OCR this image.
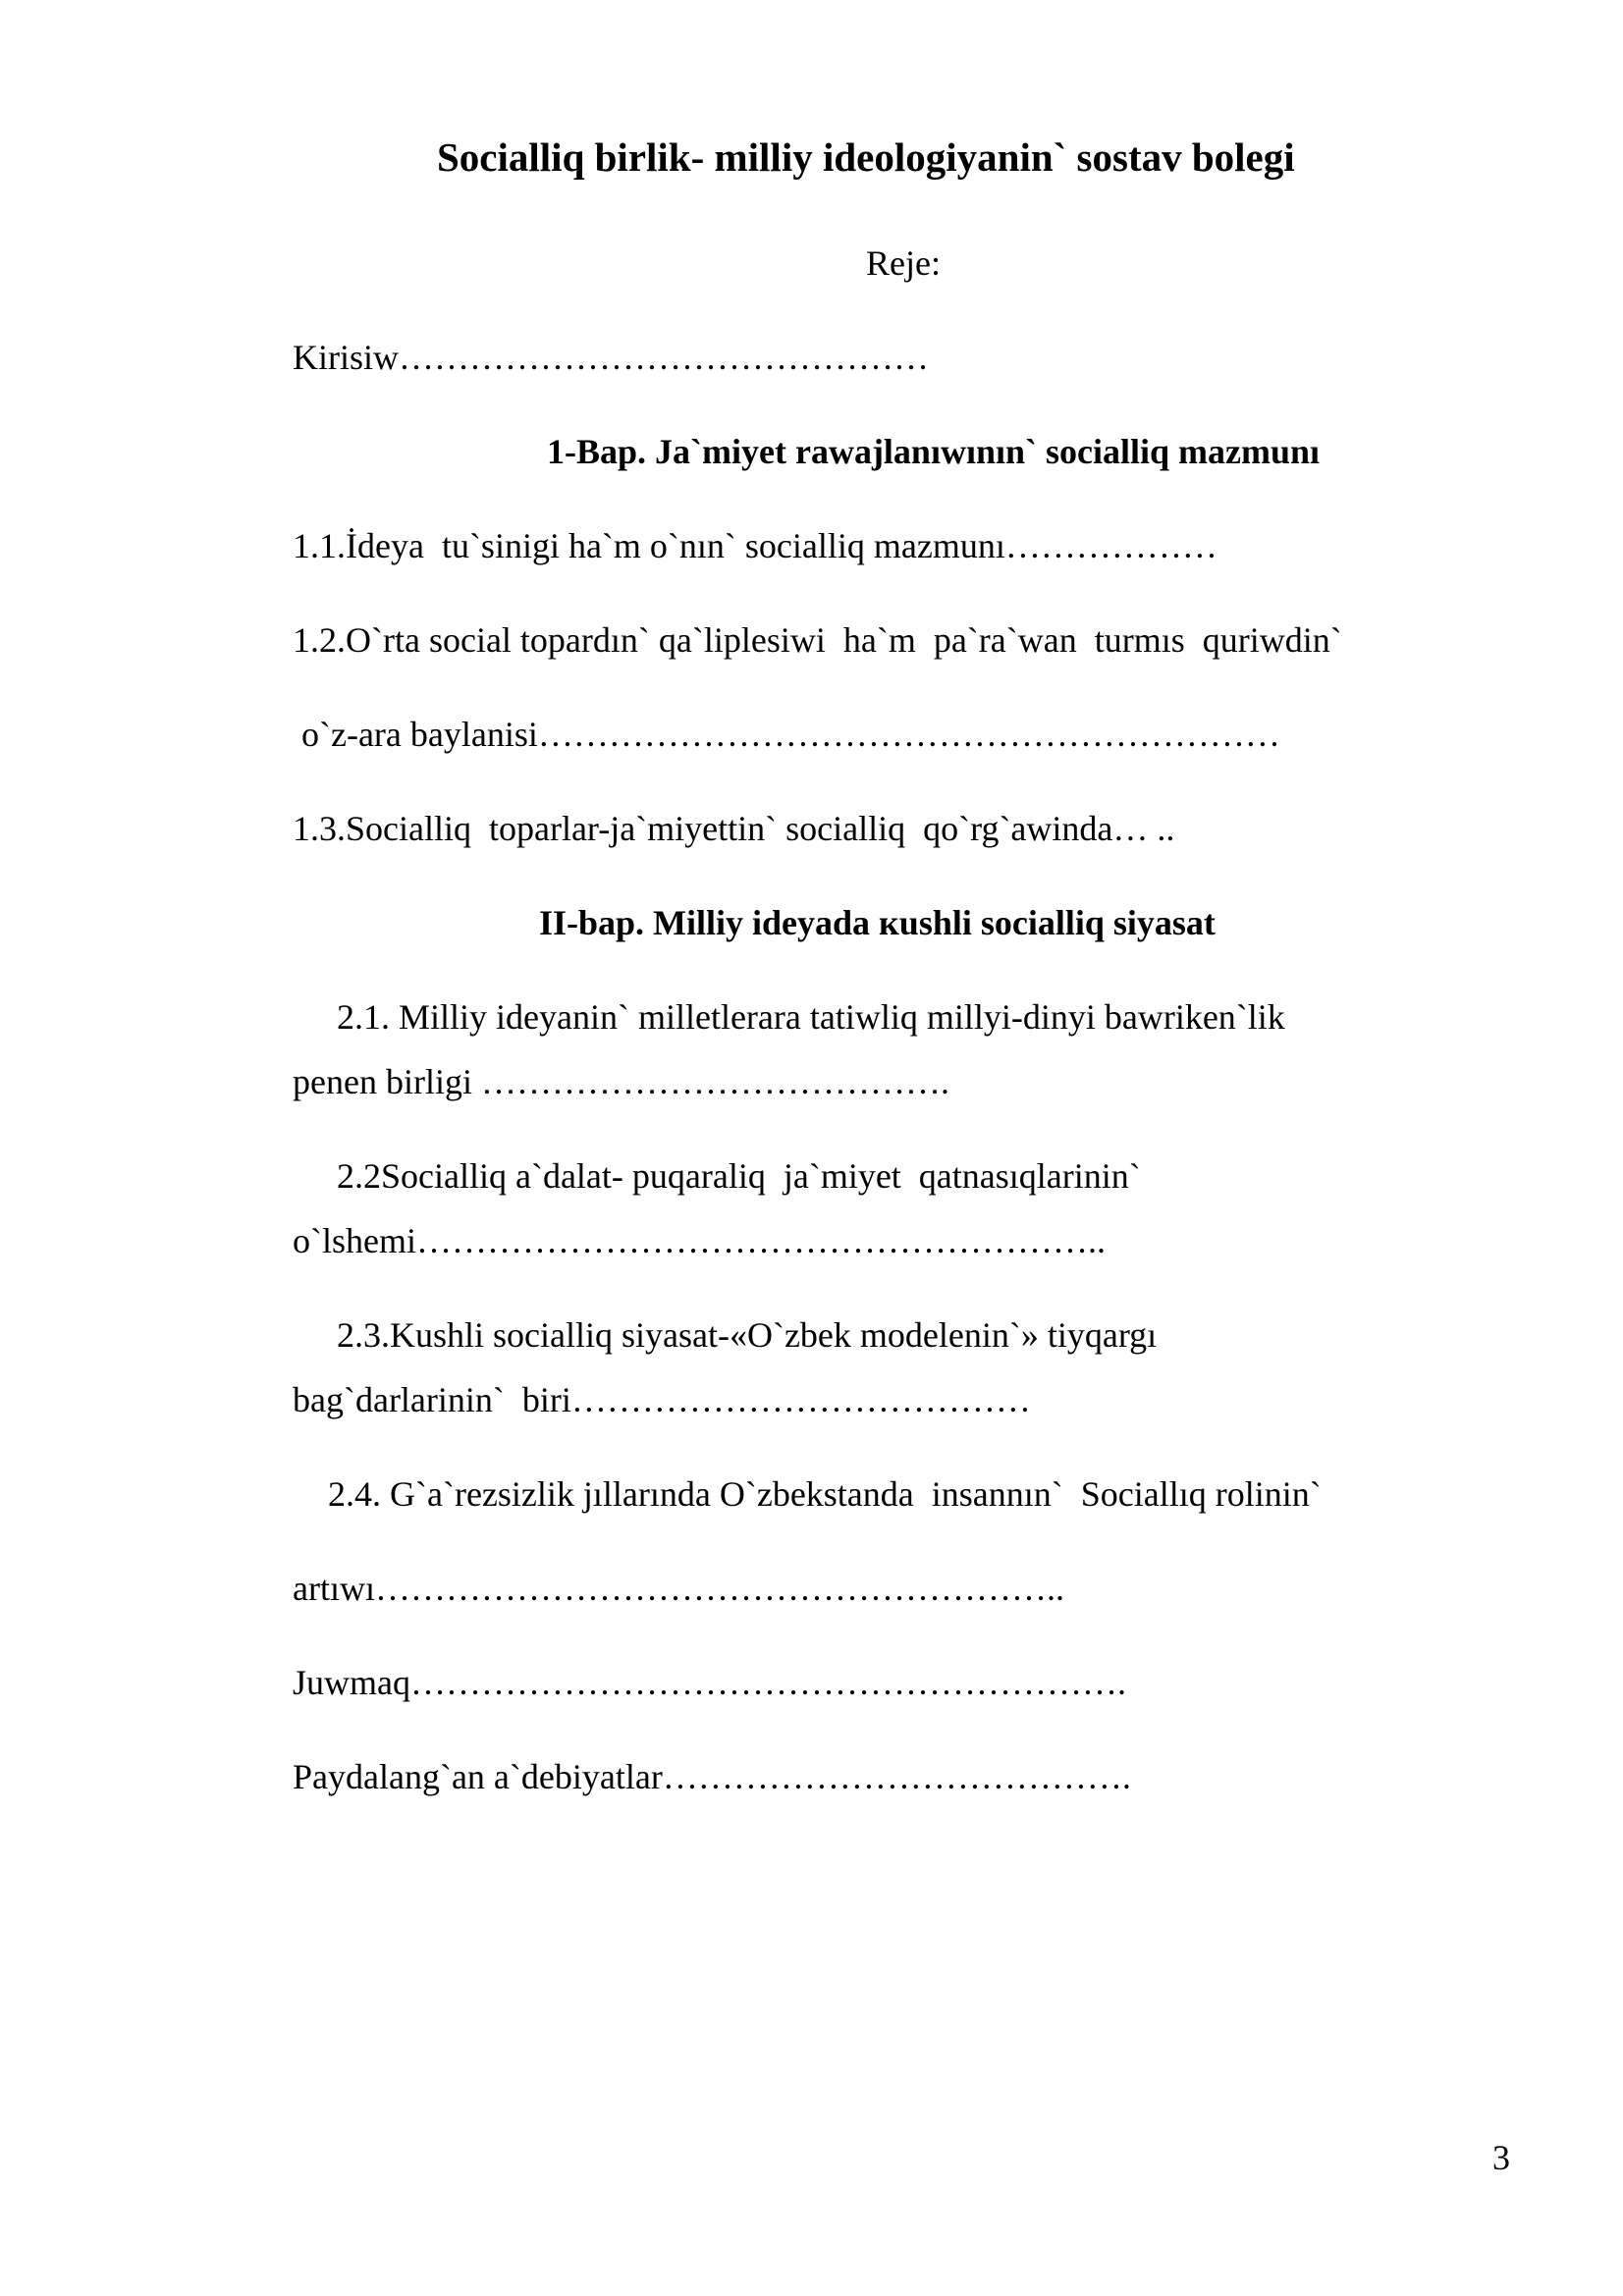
Socialliq birlik- milliy ideologiyanin` sostav bolegi

Reje:

Kirisiw………………………………………

1-Bap. Ja`miyet rawajlanıwının` socialliq mazmunı

1.1.İdeya  tu`sinigi ha`m o`nın` socialliq mazmunı………………

1.2.O`rta social topardın` qa`liplesiwi  ha`m  pa`ra`wan  turmıs  quriwdin`

o`z-ara baylanisi………………………………………………………

1.3.Socialliq  toparlar-ja`miyettin` socialliq  qo`rg`awinda… ..

II-bap. Milliy ideyada кushli socialliq siyasat

2.1. Milliy ideyanin` milletlerara tatiwliq millyi-dinyi bawriken`lik

penen birligi ………………………………….

2.2Socialliq a`dalat- puqaraliq  ja`miyet  qatnasıqlarinin`

o`lshemi…………………………………………………..

2.3.Kushli socialliq siyasat-«O`zbek modelenin`» tiyqargı

bag`darlarinin`  biri…………………………………

2.4. G`a`rezsizlik jıllarında O`zbekstanda  insannın`  Sociallıq rolinin`

artıwı…………………………………………………..

Juwmaq…………………………………………………….

Paydalang`an a`debiyatlar………………………………….

3
